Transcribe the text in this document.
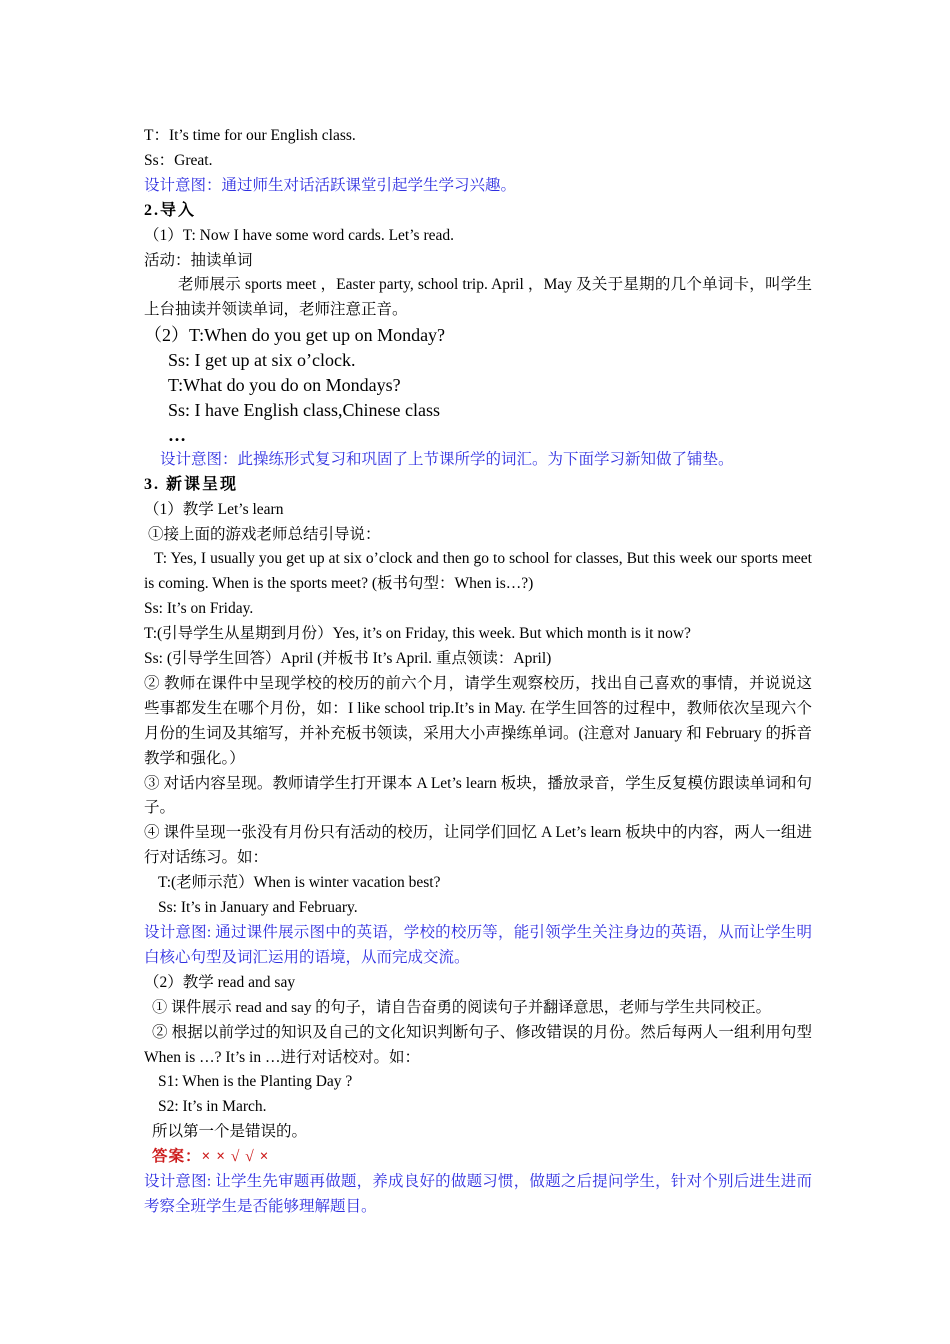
T：It’s time for our English class.

Ss：Great.

设计意图：通过师生对话活跃课堂引起学生学习兴趣。

2.导入

（1）T: Now I have some word cards. Let’s read.

活动：抽读单词

老师展示 sports meet ，Easter party, school trip. April ，May 及关于星期的几个单词卡，叫学生上台抽读并领读单词，老师注意正音。

（2）T:When do you get up on Monday?

Ss: I get up at six o’clock.

T:What do you do on Mondays?

Ss: I have English class,Chinese class

…

设计意图：此操练形式复习和巩固了上节课所学的词汇。为下面学习新知做了铺垫。

3. 新课呈现

（1）教学 Let’s learn

①接上面的游戏老师总结引导说：

T: Yes, I usually you get up at six o’clock and then go to school for classes, But this week our sports meet is coming. When is the sports meet? (板书句型：When is…?)

Ss: It’s on Friday.

T:(引导学生从星期到月份）Yes, it’s on Friday, this week. But which month is it now?

Ss: (引导学生回答）April (并板书 It’s April. 重点领读：April)

② 教师在课件中呈现学校的校历的前六个月，请学生观察校历，找出自己喜欢的事情，并说说这些事都发生在哪个月份，如：I like school trip.It’s in May. 在学生回答的过程中，教师依次呈现六个月份的生词及其缩写，并补充板书领读，采用大小声操练单词。(注意对 January 和 February 的拆音教学和强化。）

③ 对话内容呈现。教师请学生打开课本 A Let’s learn 板块，播放录音，学生反复模仿跟读单词和句子。

④ 课件呈现一张没有月份只有活动的校历，让同学们回忆 A Let’s learn 板块中的内容，两人一组进行对话练习。如：

T:(老师示范）When is winter vacation best?

Ss: It’s in January and February.

设计意图: 通过课件展示图中的英语，学校的校历等，能引领学生关注身边的英语，从而让学生明白核心句型及词汇运用的语境，从而完成交流。

（2）教学 read and say

① 课件展示 read and say 的句子，请自告奋勇的阅读句子并翻译意思，老师与学生共同校正。

② 根据以前学过的知识及自己的文化知识判断句子、修改错误的月份。然后每两人一组利用句型 When is …? It’s in …进行对话校对。如：

S1: When is the Planting Day ?

S2: It’s in March.

所以第一个是错误的。

答案：× × √ √ ×

设计意图: 让学生先审题再做题，养成良好的做题习惯，做题之后提问学生，针对个别后进生进而考察全班学生是否能够理解题目。
